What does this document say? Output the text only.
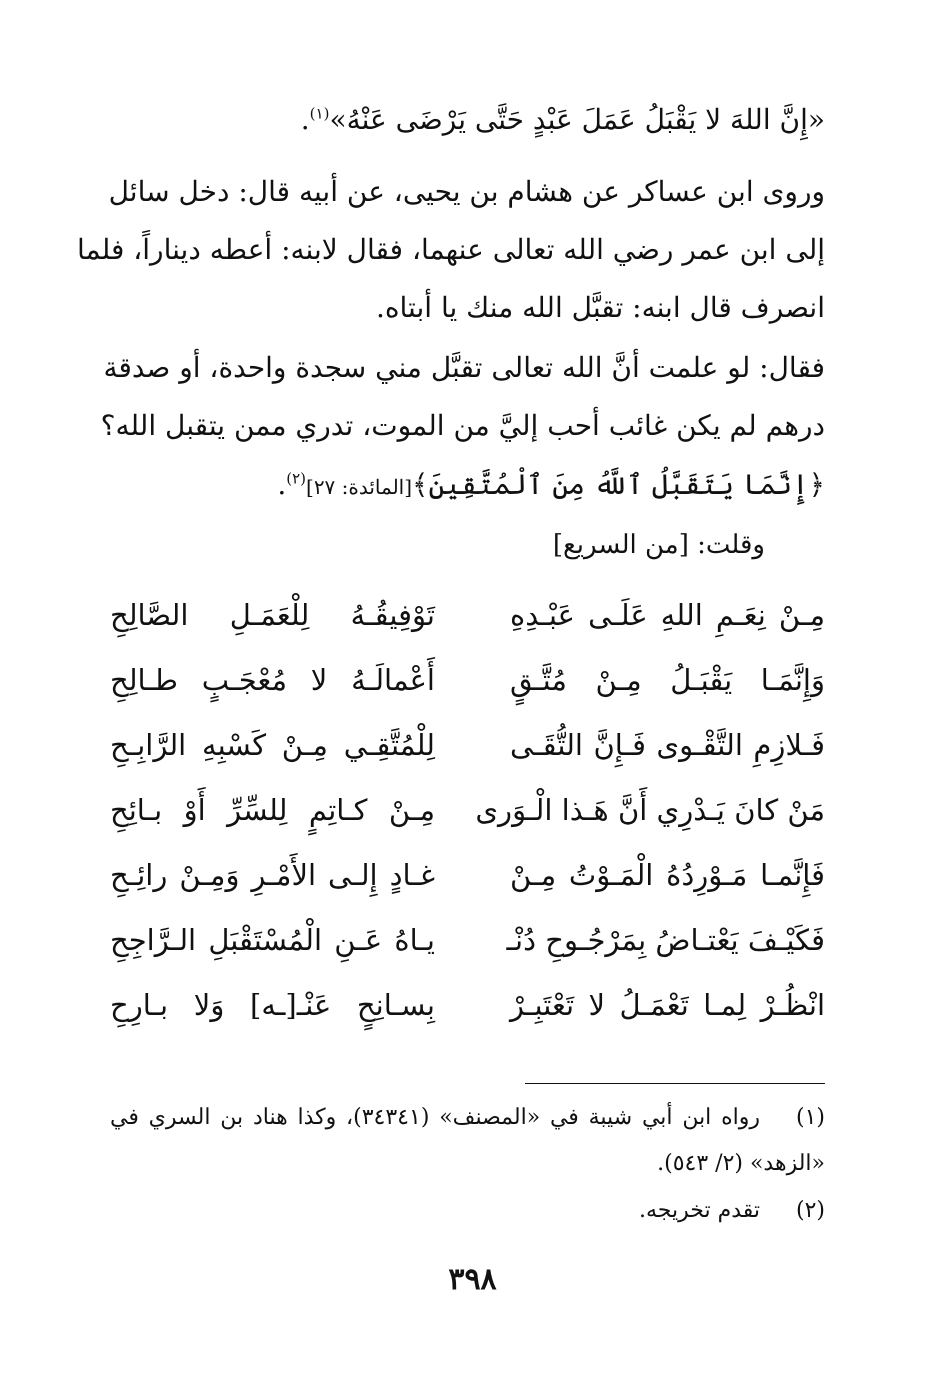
«إِنَّ اللهَ لا يَقْبَلُ عَمَلَ عَبْدٍ حَتَّى يَرْضَى عَنْهُ»$^{(١)}$.
وروى ابن عساكر عن هشام بن يحيى، عن أبيه قال: دخل سائل
إلى ابن عمر رضي الله تعالى عنهما، فقال لابنه: أعطه ديناراً، فلما
انصرف قال ابنه: تقبَّل الله منك يا أبتاه.
فقال: لو علمت أنَّ الله تعالى تقبَّل مني سجدة واحدة، أو صدقة
درهم لم يكن غائب أحب إليَّ من الموت، تدري ممن يتقبل الله؟
﴿إِنَّمَا يَتَقَبَّلُ ٱللَّهُ مِنَ ٱلْمُتَّقِينَ﴾[المائدة: ٢٧]$^{(٢)}$.
وقلت: [من السريع]
مِـنْ نِعَـمِ اللهِ عَلَـى عَبْـدِهِ
تَوْفِيقُـهُ لِلْعَمَـلِ الصَّالِحِ
وَإِنَّمَـا يَقْبَـلُ مِـنْ مُتَّـقٍ
أَعْمالَـهُ لا مُعْجَـبٍ طـالِحِ
فَـلازِمِ التَّقْـوى فَـإِنَّ التُّقَـى
لِلْمُتَّقِـي مِـنْ كَسْبِهِ الرَّابِـحِ
مَنْ كانَ يَـدْرِي أَنَّ هَـذا الْـوَرى
مِـنْ كـاتِمٍ لِلسِّرِّ أَوْ بـائِحِ
فَإِنَّمـا مَـوْرِدُهُ الْمَـوْتُ مِـنْ
غـادٍ إِلـى الأَمْـرِ وَمِـنْ رائِـحِ
فَكَيْـفَ يَعْتـاضُ بِمَرْجُـوحِ دُنْـ
يـاهُ عَـنِ الْمُسْتَقْبَلِ الـرَّاجِحِ
انْظُـرْ لِمـا تَعْمَـلُ لا تَعْتَبِـرْ
بِسـانِحٍ عَنْـ[ـه] وَلا بـارِحِ
(١)
رواه ابن أبي شيبة في «المصنف» (٣٤٣٤١)، وكذا هناد بن السري في
«الزهد» (٢/ ٥٤٣).
(٢)
تقدم تخريجه.
٣٩٨
